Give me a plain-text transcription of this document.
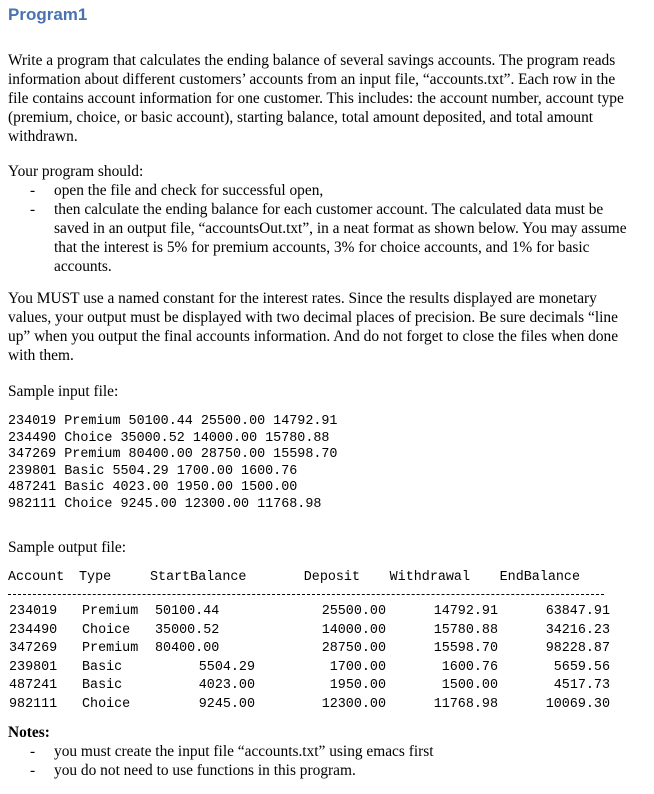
Program1
Write a program that calculates the ending balance of several savings accounts. The program reads information about different customers’ accounts from an input file, “accounts.txt”. Each row in the file contains account information for one customer. This includes: the account number, account type (premium, choice, or basic account), starting balance, total amount deposited, and total amount withdrawn.
Your program should:
- open the file and check for successful open,
- then calculate the ending balance for each customer account. The calculated data must be saved in an output file, “accountsOut.txt”, in a neat format as shown below. You may assume that the interest is 5% for premium accounts, 3% for choice accounts, and 1% for basic accounts.
You MUST use a named constant for the interest rates. Since the results displayed are monetary values, your output must be displayed with two decimal places of precision. Be sure decimals “line up” when you output the final accounts information. And do not forget to close the files when done with them.
Sample input file:
234019 Premium 50100.44 25500.00 14792.91
234490 Choice 35000.52 14000.00 15780.88
347269 Premium 80400.00 28750.00 15598.70
239801 Basic 5504.29 1700.00 1600.76
487241 Basic 4023.00 1950.00 1500.00
982111 Choice 9245.00 12300.00 11768.98
Sample output file:
Account	Type	StartBalance	Deposit	Withdrawal	EndBalance
234019	Premium	50100.44	25500.00	14792.91	63847.91
234490	Choice	35000.52	14000.00	15780.88	34216.23
347269	Premium	80400.00	28750.00	15598.70	98228.87
239801	Basic	5504.29	1700.00	1600.76	5659.56
487241	Basic	4023.00	1950.00	1500.00	4517.73
982111	Choice	9245.00	12300.00	11768.98	10069.30
Notes:
- you must create the input file “accounts.txt” using emacs first
- you do not need to use functions in this program.
